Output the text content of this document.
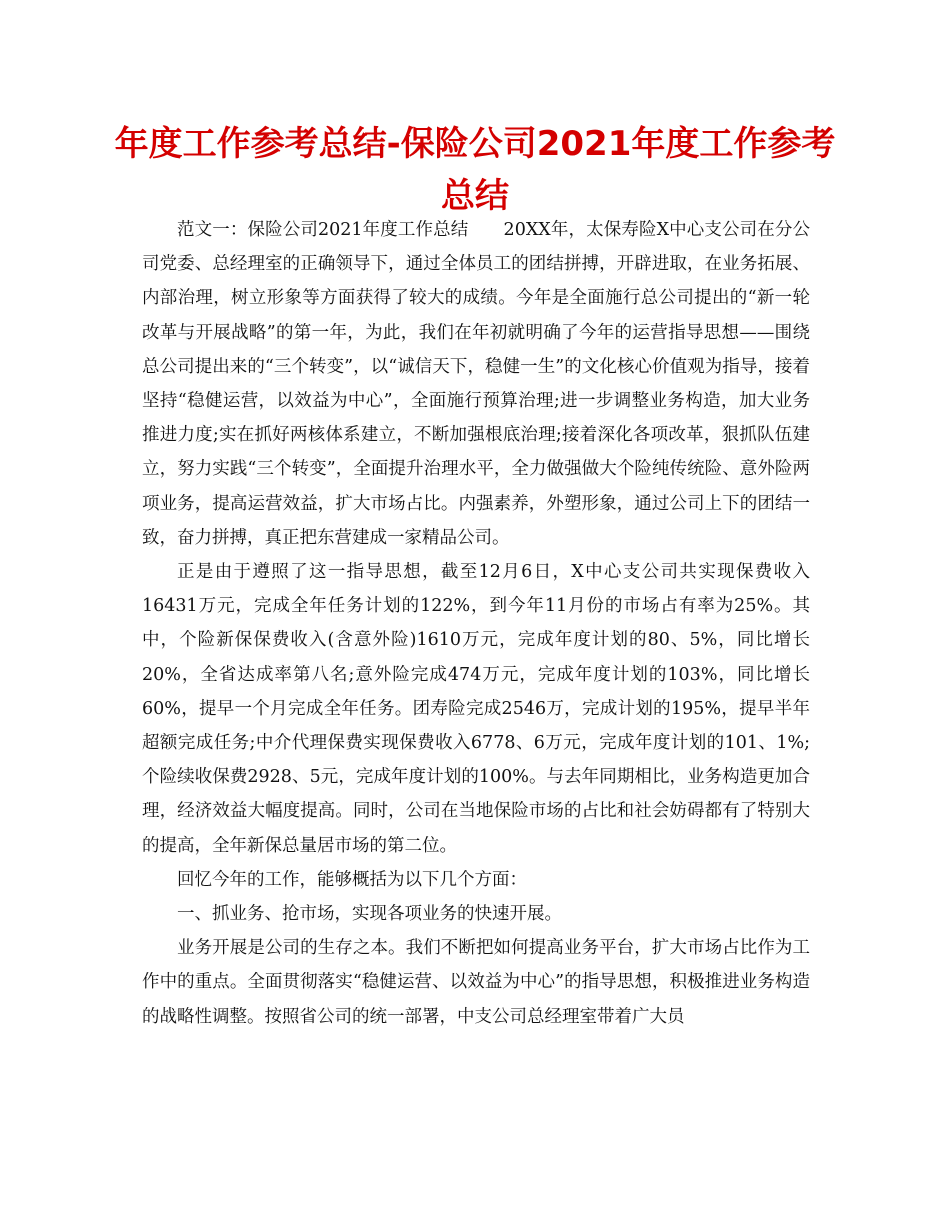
年度工作参考总结-保险公司2021年度工作参考总结

范文一：保险公司2021年度工作总结　　20XX年，太保寿险X中心支公司在分公司党委、总经理室的正确领导下，通过全体员工的团结拼搏，开辟进取，在业务拓展、内部治理，树立形象等方面获得了较大的成绩。今年是全面施行总公司提出的“新一轮改革与开展战略”的第一年，为此，我们在年初就明确了今年的运营指导思想——围绕总公司提出来的“三个转变”，以“诚信天下，稳健一生”的文化核心价值观为指导，接着坚持“稳健运营，以效益为中心”，全面施行预算治理;进一步调整业务构造，加大业务推进力度;实在抓好两核体系建立，不断加强根底治理;接着深化各项改革，狠抓队伍建立，努力实践“三个转变”，全面提升治理水平，全力做强做大个险纯传统险、意外险两项业务，提高运营效益，扩大市场占比。内强素养，外塑形象，通过公司上下的团结一致，奋力拼搏，真正把东营建成一家精品公司。

正是由于遵照了这一指导思想，截至12月6日，X中心支公司共实现保费收入16431万元，完成全年任务计划的122%，到今年11月份的市场占有率为25%。其中，个险新保保费收入(含意外险)1610万元，完成年度计划的80、5%，同比增长20%，全省达成率第八名;意外险完成474万元，完成年度计划的103%，同比增长60%，提早一个月完成全年任务。团寿险完成2546万，完成计划的195%，提早半年超额完成任务;中介代理保费实现保费收入6778、6万元，完成年度计划的101、1%;个险续收保费2928、5元，完成年度计划的100%。与去年同期相比，业务构造更加合理，经济效益大幅度提高。同时，公司在当地保险市场的占比和社会妨碍都有了特别大的提高，全年新保总量居市场的第二位。

回忆今年的工作，能够概括为以下几个方面：

一、抓业务、抢市场，实现各项业务的快速开展。

业务开展是公司的生存之本。我们不断把如何提高业务平台，扩大市场占比作为工作中的重点。全面贯彻落实“稳健运营、以效益为中心”的指导思想，积极推进业务构造的战略性调整。按照省公司的统一部署，中支公司总经理室带着广大员
